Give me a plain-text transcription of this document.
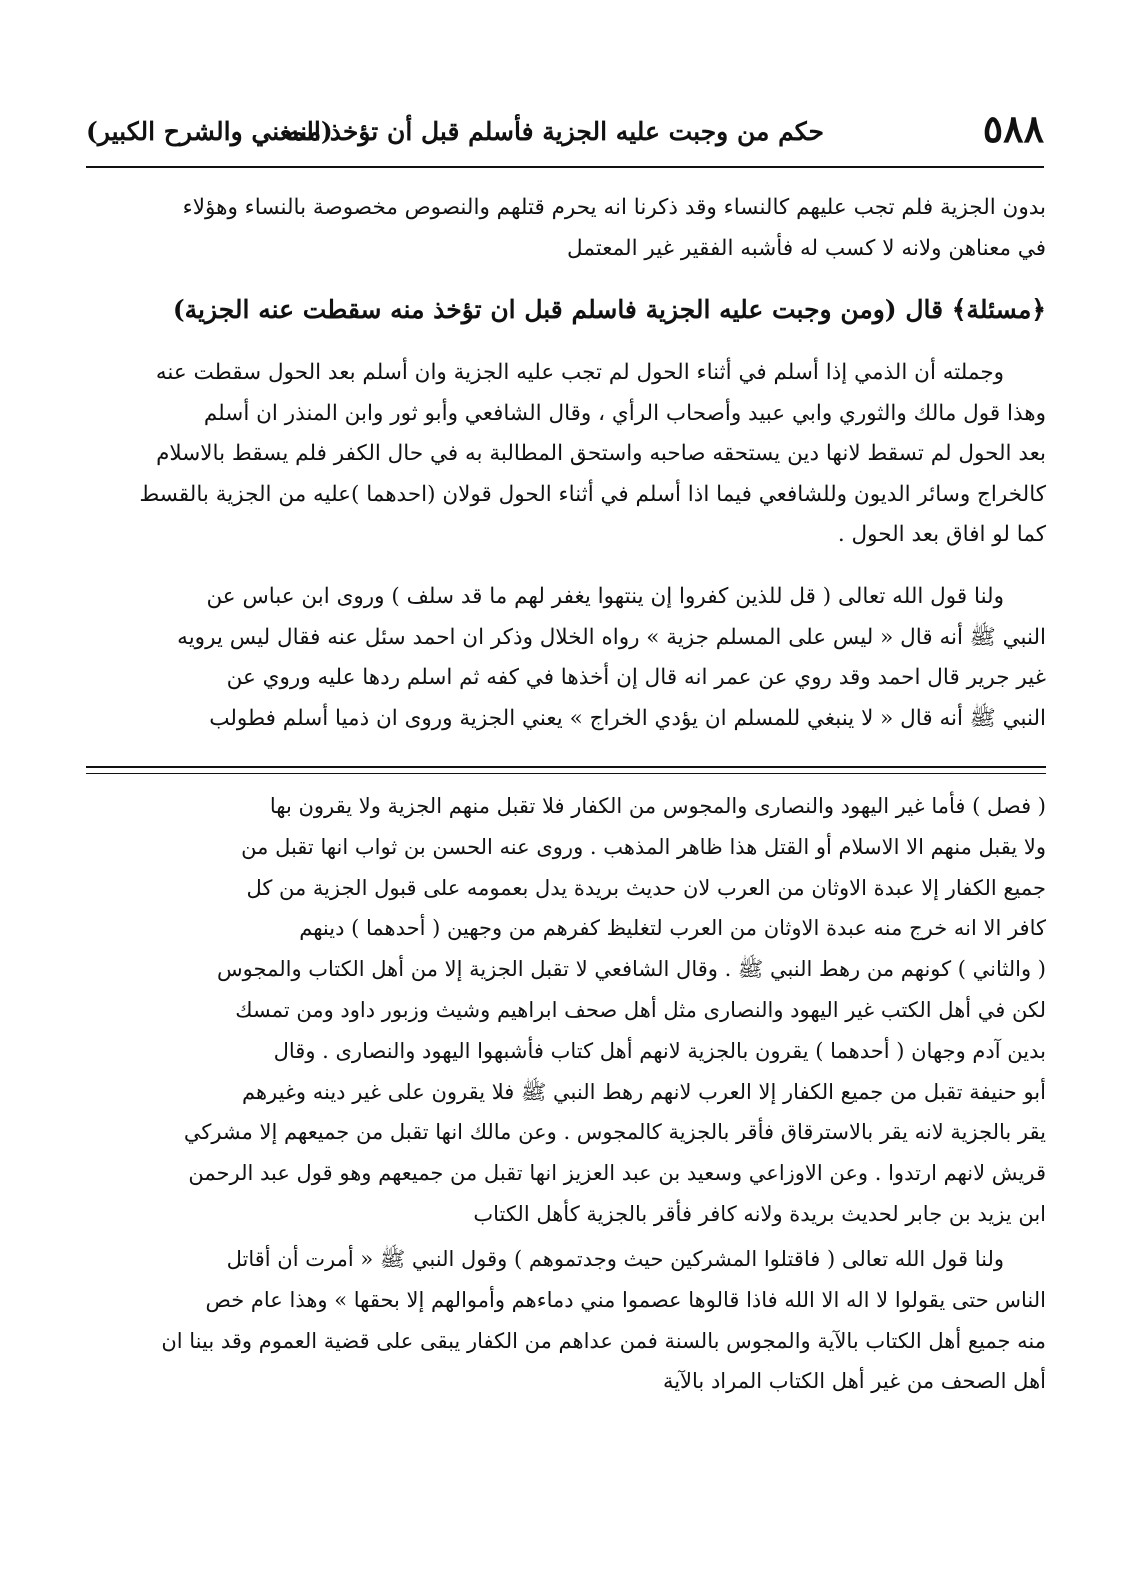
٥٨٨
حكم من وجبت عليه الجزية فأسلم قبل أن تؤخذ منه
(المغني والشرح الكبير)
بدون الجزية فلم تجب عليهم كالنساء وقد ذكرنا انه يحرم قتلهم والنصوص مخصوصة بالنساء وهؤلاء
في معناهن ولانه لا كسب له فأشبه الفقير غير المعتمل
﴿مسئلة﴾ قال (ومن وجبت عليه الجزية فاسلم قبل ان تؤخذ منه سقطت عنه الجزية)
وجملته أن الذمي إذا أسلم في أثناء الحول لم تجب عليه الجزية وان أسلم بعد الحول سقطت عنه
وهذا قول مالك والثوري وابي عبيد وأصحاب الرأي ، وقال الشافعي وأبو ثور وابن المنذر ان أسلم
بعد الحول لم تسقط لانها دين يستحقه صاحبه واستحق المطالبة به في حال الكفر فلم يسقط بالاسلام
كالخراج وسائر الديون وللشافعي فيما اذا أسلم في أثناء الحول قولان (احدهما )عليه من الجزية بالقسط
كما لو افاق بعد الحول .
ولنا قول الله تعالى ( قل للذين كفروا إن ينتهوا يغفر لهم ما قد سلف ) وروى ابن عباس عن
النبي ﷺ أنه قال « ليس على المسلم جزية » رواه الخلال وذكر ان احمد سئل عنه فقال ليس يرويه
غير جرير قال احمد وقد روي عن عمر انه قال إن أخذها في كفه ثم اسلم ردها عليه وروي عن
النبي ﷺ أنه قال « لا ينبغي للمسلم ان يؤدي الخراج » يعني الجزية وروى ان ذميا أسلم فطولب
( فصل ) فأما غير اليهود والنصارى والمجوس من الكفار فلا تقبل منهم الجزية ولا يقرون بها
ولا يقبل منهم الا الاسلام أو القتل هذا ظاهر المذهب . وروى عنه الحسن بن ثواب انها تقبل من
جميع الكفار إلا عبدة الاوثان من العرب لان حديث بريدة يدل بعمومه على قبول الجزية من كل
كافر الا انه خرج منه عبدة الاوثان من العرب لتغليظ كفرهم من وجهين ( أحدهما ) دينهم
( والثاني ) كونهم من رهط النبي ﷺ . وقال الشافعي لا تقبل الجزية إلا من أهل الكتاب والمجوس
لكن في أهل الكتب غير اليهود والنصارى مثل أهل صحف ابراهيم وشيث وزبور داود ومن تمسك
بدين آدم وجهان ( أحدهما ) يقرون بالجزية لانهم أهل كتاب فأشبهوا اليهود والنصارى . وقال
أبو حنيفة تقبل من جميع الكفار إلا العرب لانهم رهط النبي ﷺ فلا يقرون على غير دينه وغيرهم
يقر بالجزية لانه يقر بالاسترقاق فأقر بالجزية كالمجوس . وعن مالك انها تقبل من جميعهم إلا مشركي
قريش لانهم ارتدوا . وعن الاوزاعي وسعيد بن عبد العزيز انها تقبل من جميعهم وهو قول عبد الرحمن
ابن يزيد بن جابر لحديث بريدة ولانه كافر فأقر بالجزية كأهل الكتاب
ولنا قول الله تعالى ( فاقتلوا المشركين حيث وجدتموهم ) وقول النبي ﷺ « أمرت أن أقاتل
الناس حتى يقولوا لا اله الا الله فاذا قالوها عصموا مني دماءهم وأموالهم إلا بحقها » وهذا عام خص
منه جميع أهل الكتاب بالآية والمجوس بالسنة فمن عداهم من الكفار يبقى على قضية العموم وقد بينا ان
أهل الصحف من غير أهل الكتاب المراد بالآية
